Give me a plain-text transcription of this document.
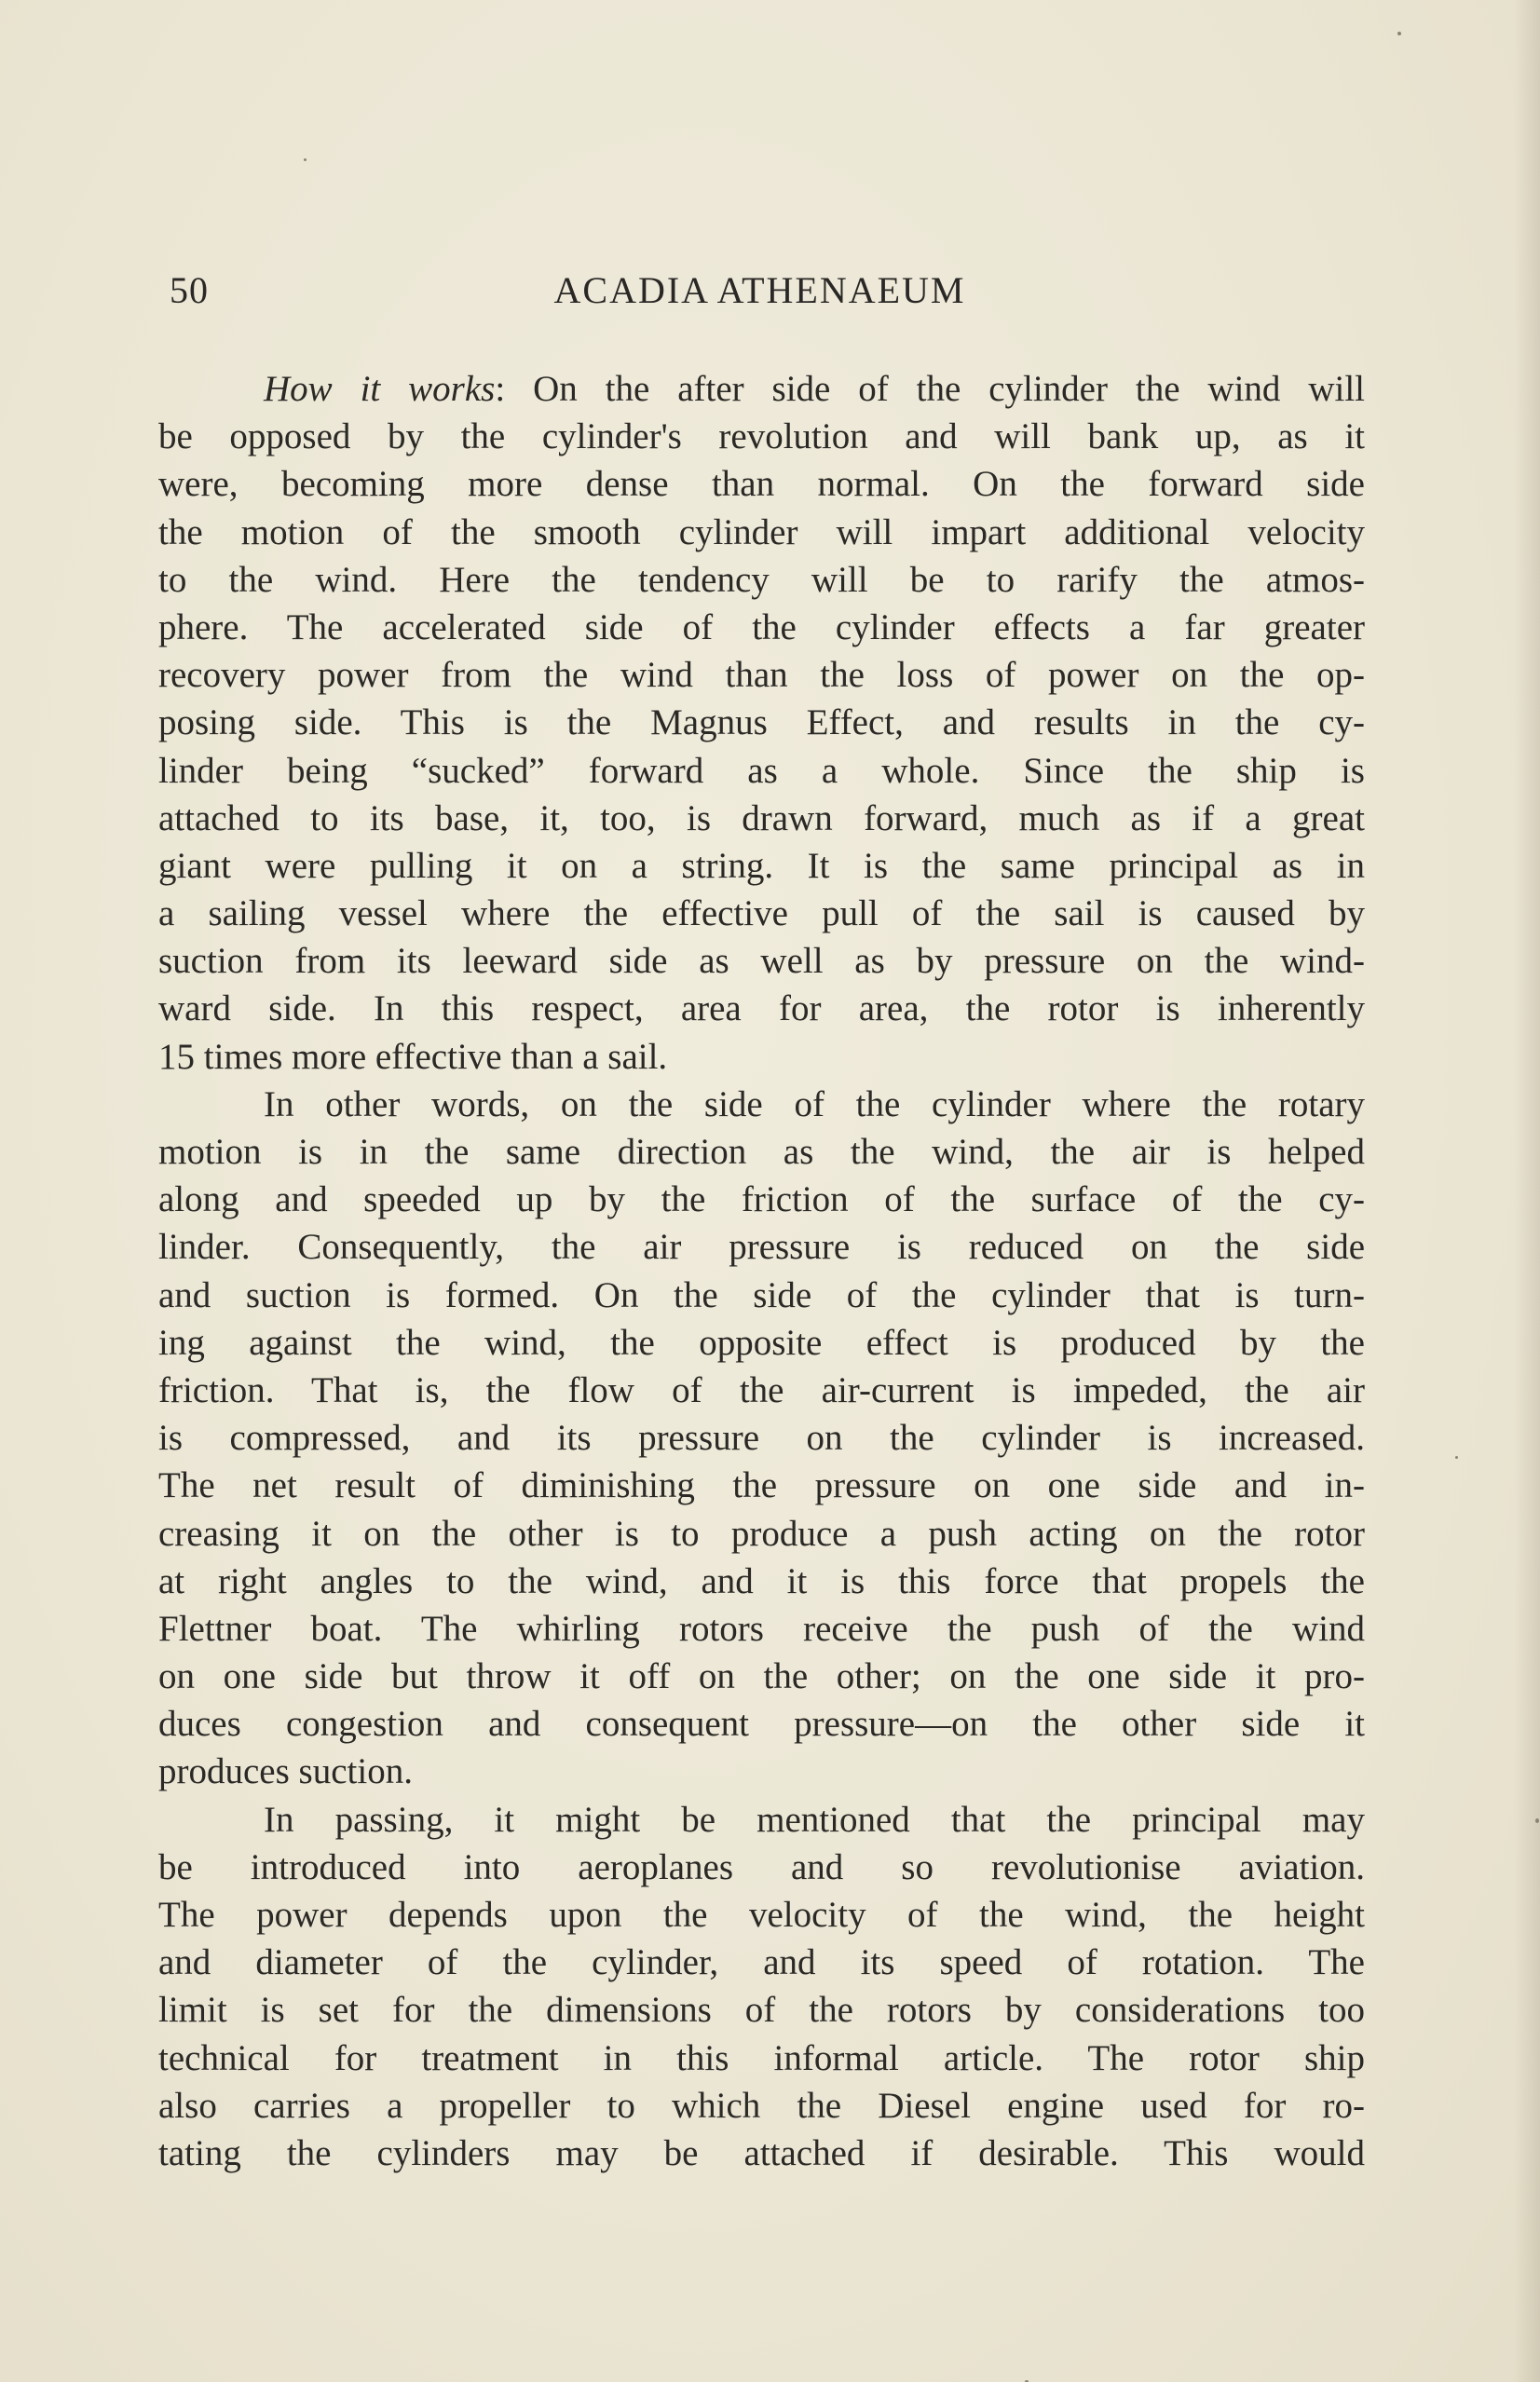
50	ACADIA ATHENAEUM
How it works: On the after side of the cylinder the wind will
be opposed by the cylinder's revolution and will bank up, as it
were, becoming more dense than normal. On the forward side
the motion of the smooth cylinder will impart additional velocity
to the wind. Here the tendency will be to rarify the atmos-
phere. The accelerated side of the cylinder effects a far greater
recovery power from the wind than the loss of power on the op-
posing side. This is the Magnus Effect, and results in the cy-
linder being “sucked” forward as a whole. Since the ship is
attached to its base, it, too, is drawn forward, much as if a great
giant were pulling it on a string. It is the same principal as in
a sailing vessel where the effective pull of the sail is caused by
suction from its leeward side as well as by pressure on the wind-
ward side. In this respect, area for area, the rotor is inherently
15 times more effective than a sail.
In other words, on the side of the cylinder where the rotary
motion is in the same direction as the wind, the air is helped
along and speeded up by the friction of the surface of the cy-
linder. Consequently, the air pressure is reduced on the side
and suction is formed. On the side of the cylinder that is turn-
ing against the wind, the opposite effect is produced by the
friction. That is, the flow of the air-current is impeded, the air
is compressed, and its pressure on the cylinder is increased.
The net result of diminishing the pressure on one side and in-
creasing it on the other is to produce a push acting on the rotor
at right angles to the wind, and it is this force that propels the
Flettner boat. The whirling rotors receive the push of the wind
on one side but throw it off on the other; on the one side it pro-
duces congestion and consequent pressure—on the other side it
produces suction.
In passing, it might be mentioned that the principal may
be introduced into aeroplanes and so revolutionise aviation.
The power depends upon the velocity of the wind, the height
and diameter of the cylinder, and its speed of rotation. The
limit is set for the dimensions of the rotors by considerations too
technical for treatment in this informal article. The rotor ship
also carries a propeller to which the Diesel engine used for ro-
tating the cylinders may be attached if desirable. This would
